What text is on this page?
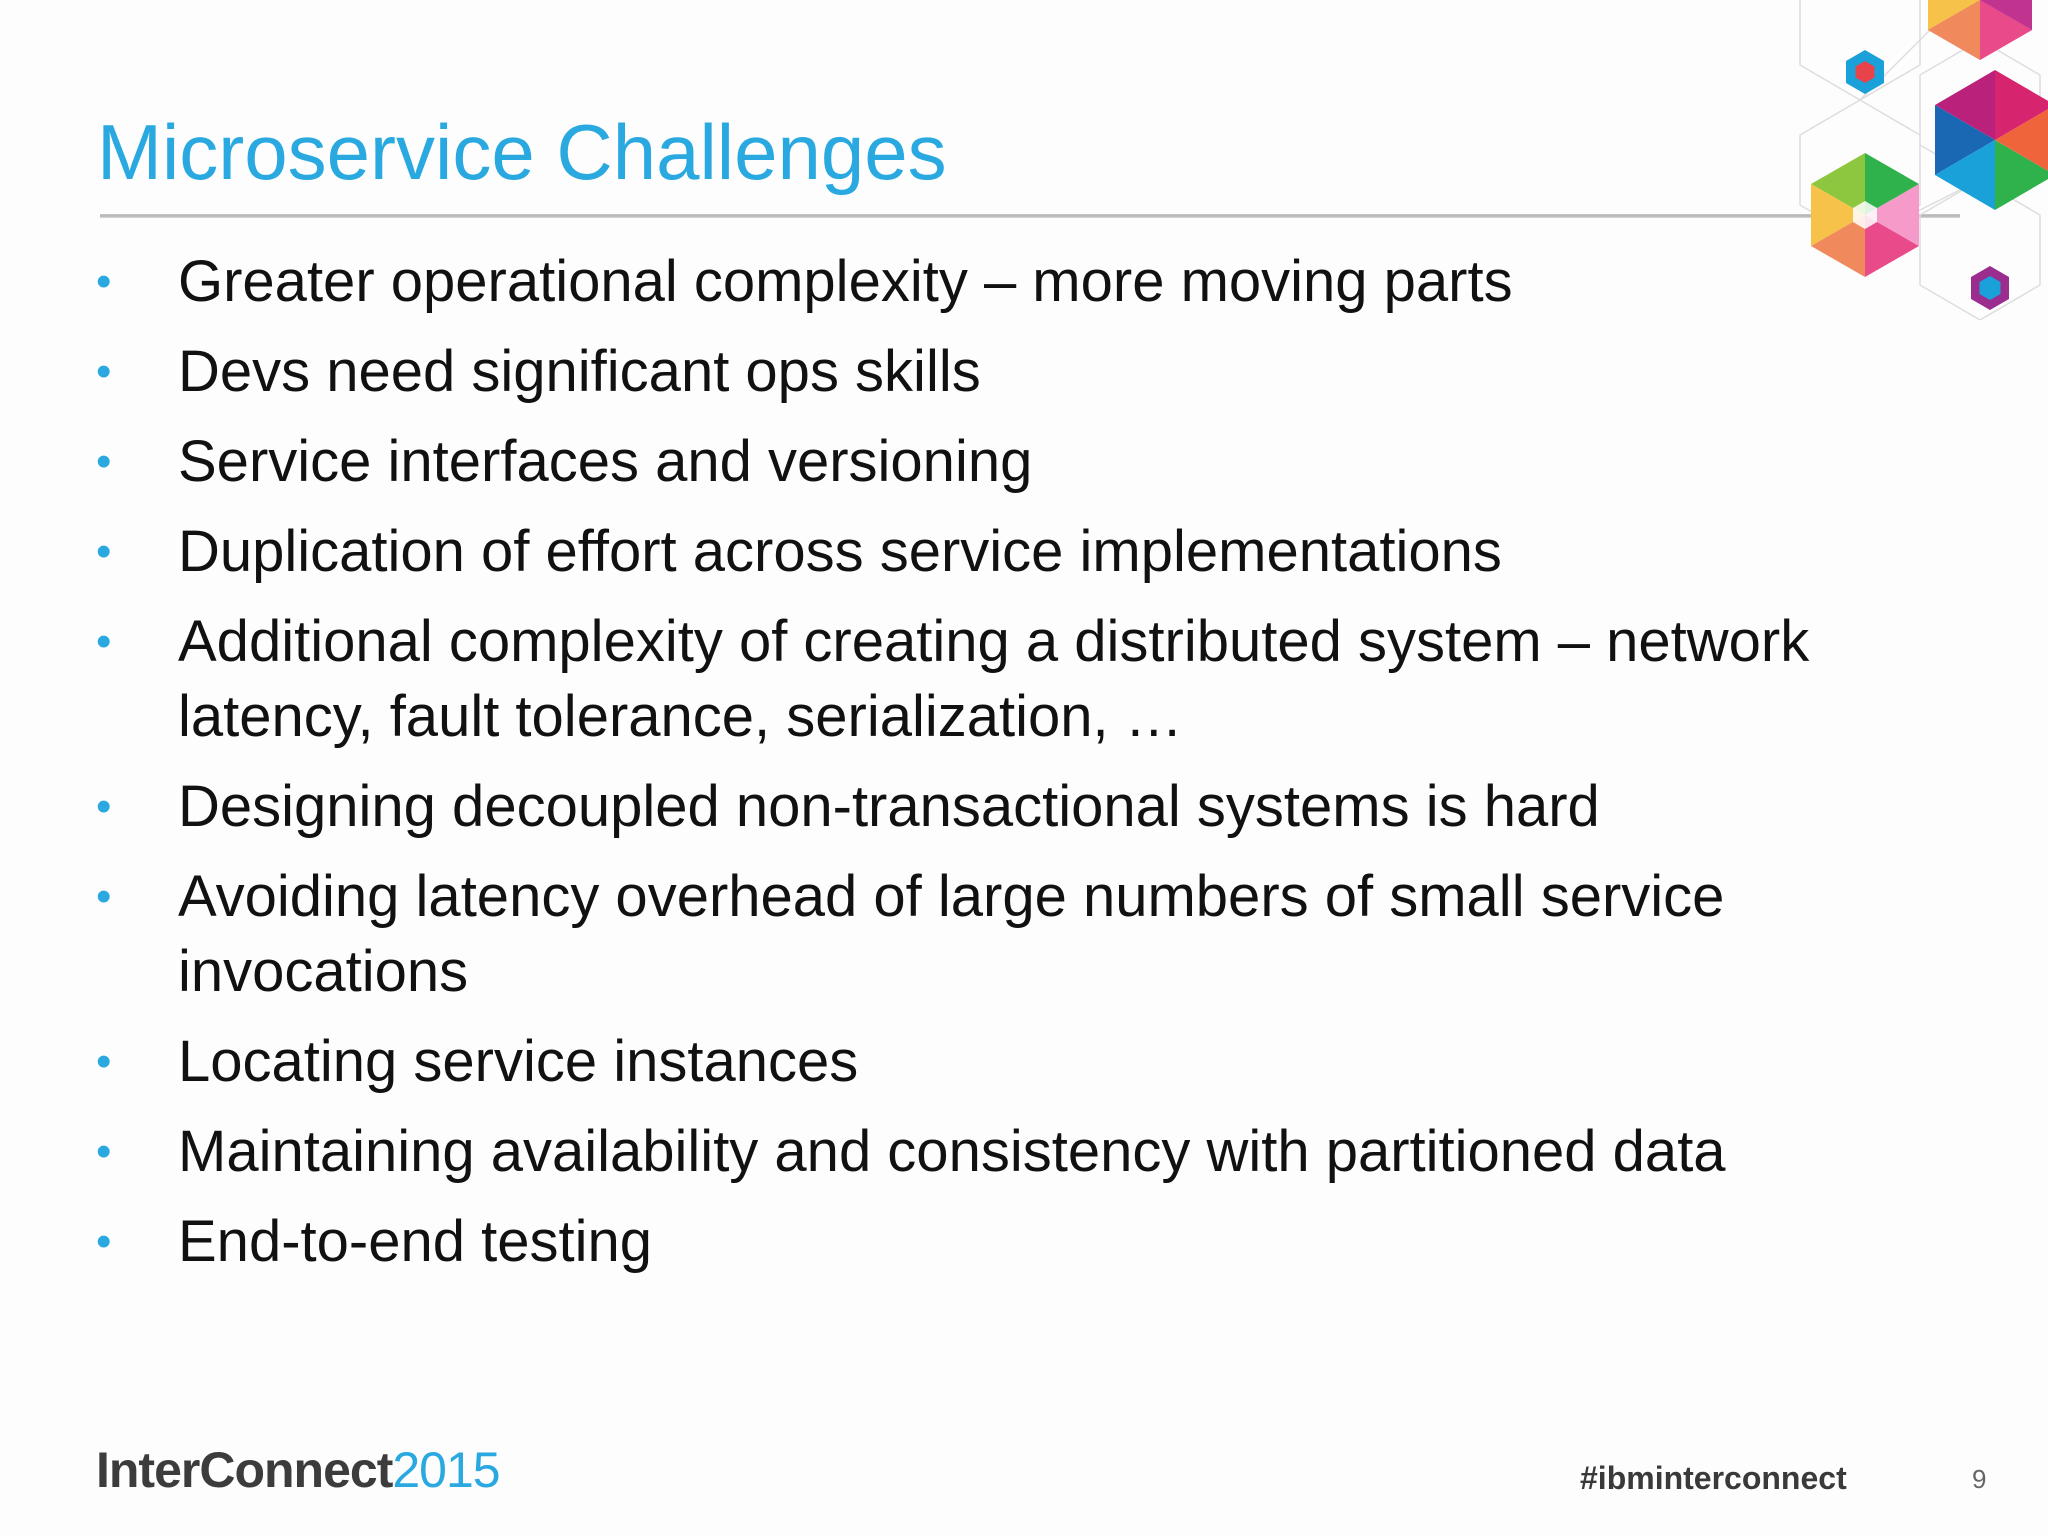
Microservice Challenges
• Greater operational complexity – more moving parts
• Devs need significant ops skills
• Service interfaces and versioning
• Duplication of effort across service implementations
• Additional complexity of creating a distributed system – network latency, fault tolerance, serialization, …
• Designing decoupled non-transactional systems is hard
• Avoiding latency overhead of large numbers of small service invocations
• Locating service instances
• Maintaining availability and consistency with partitioned data
• End-to-end testing
InterConnect2015	#ibminterconnect	9
